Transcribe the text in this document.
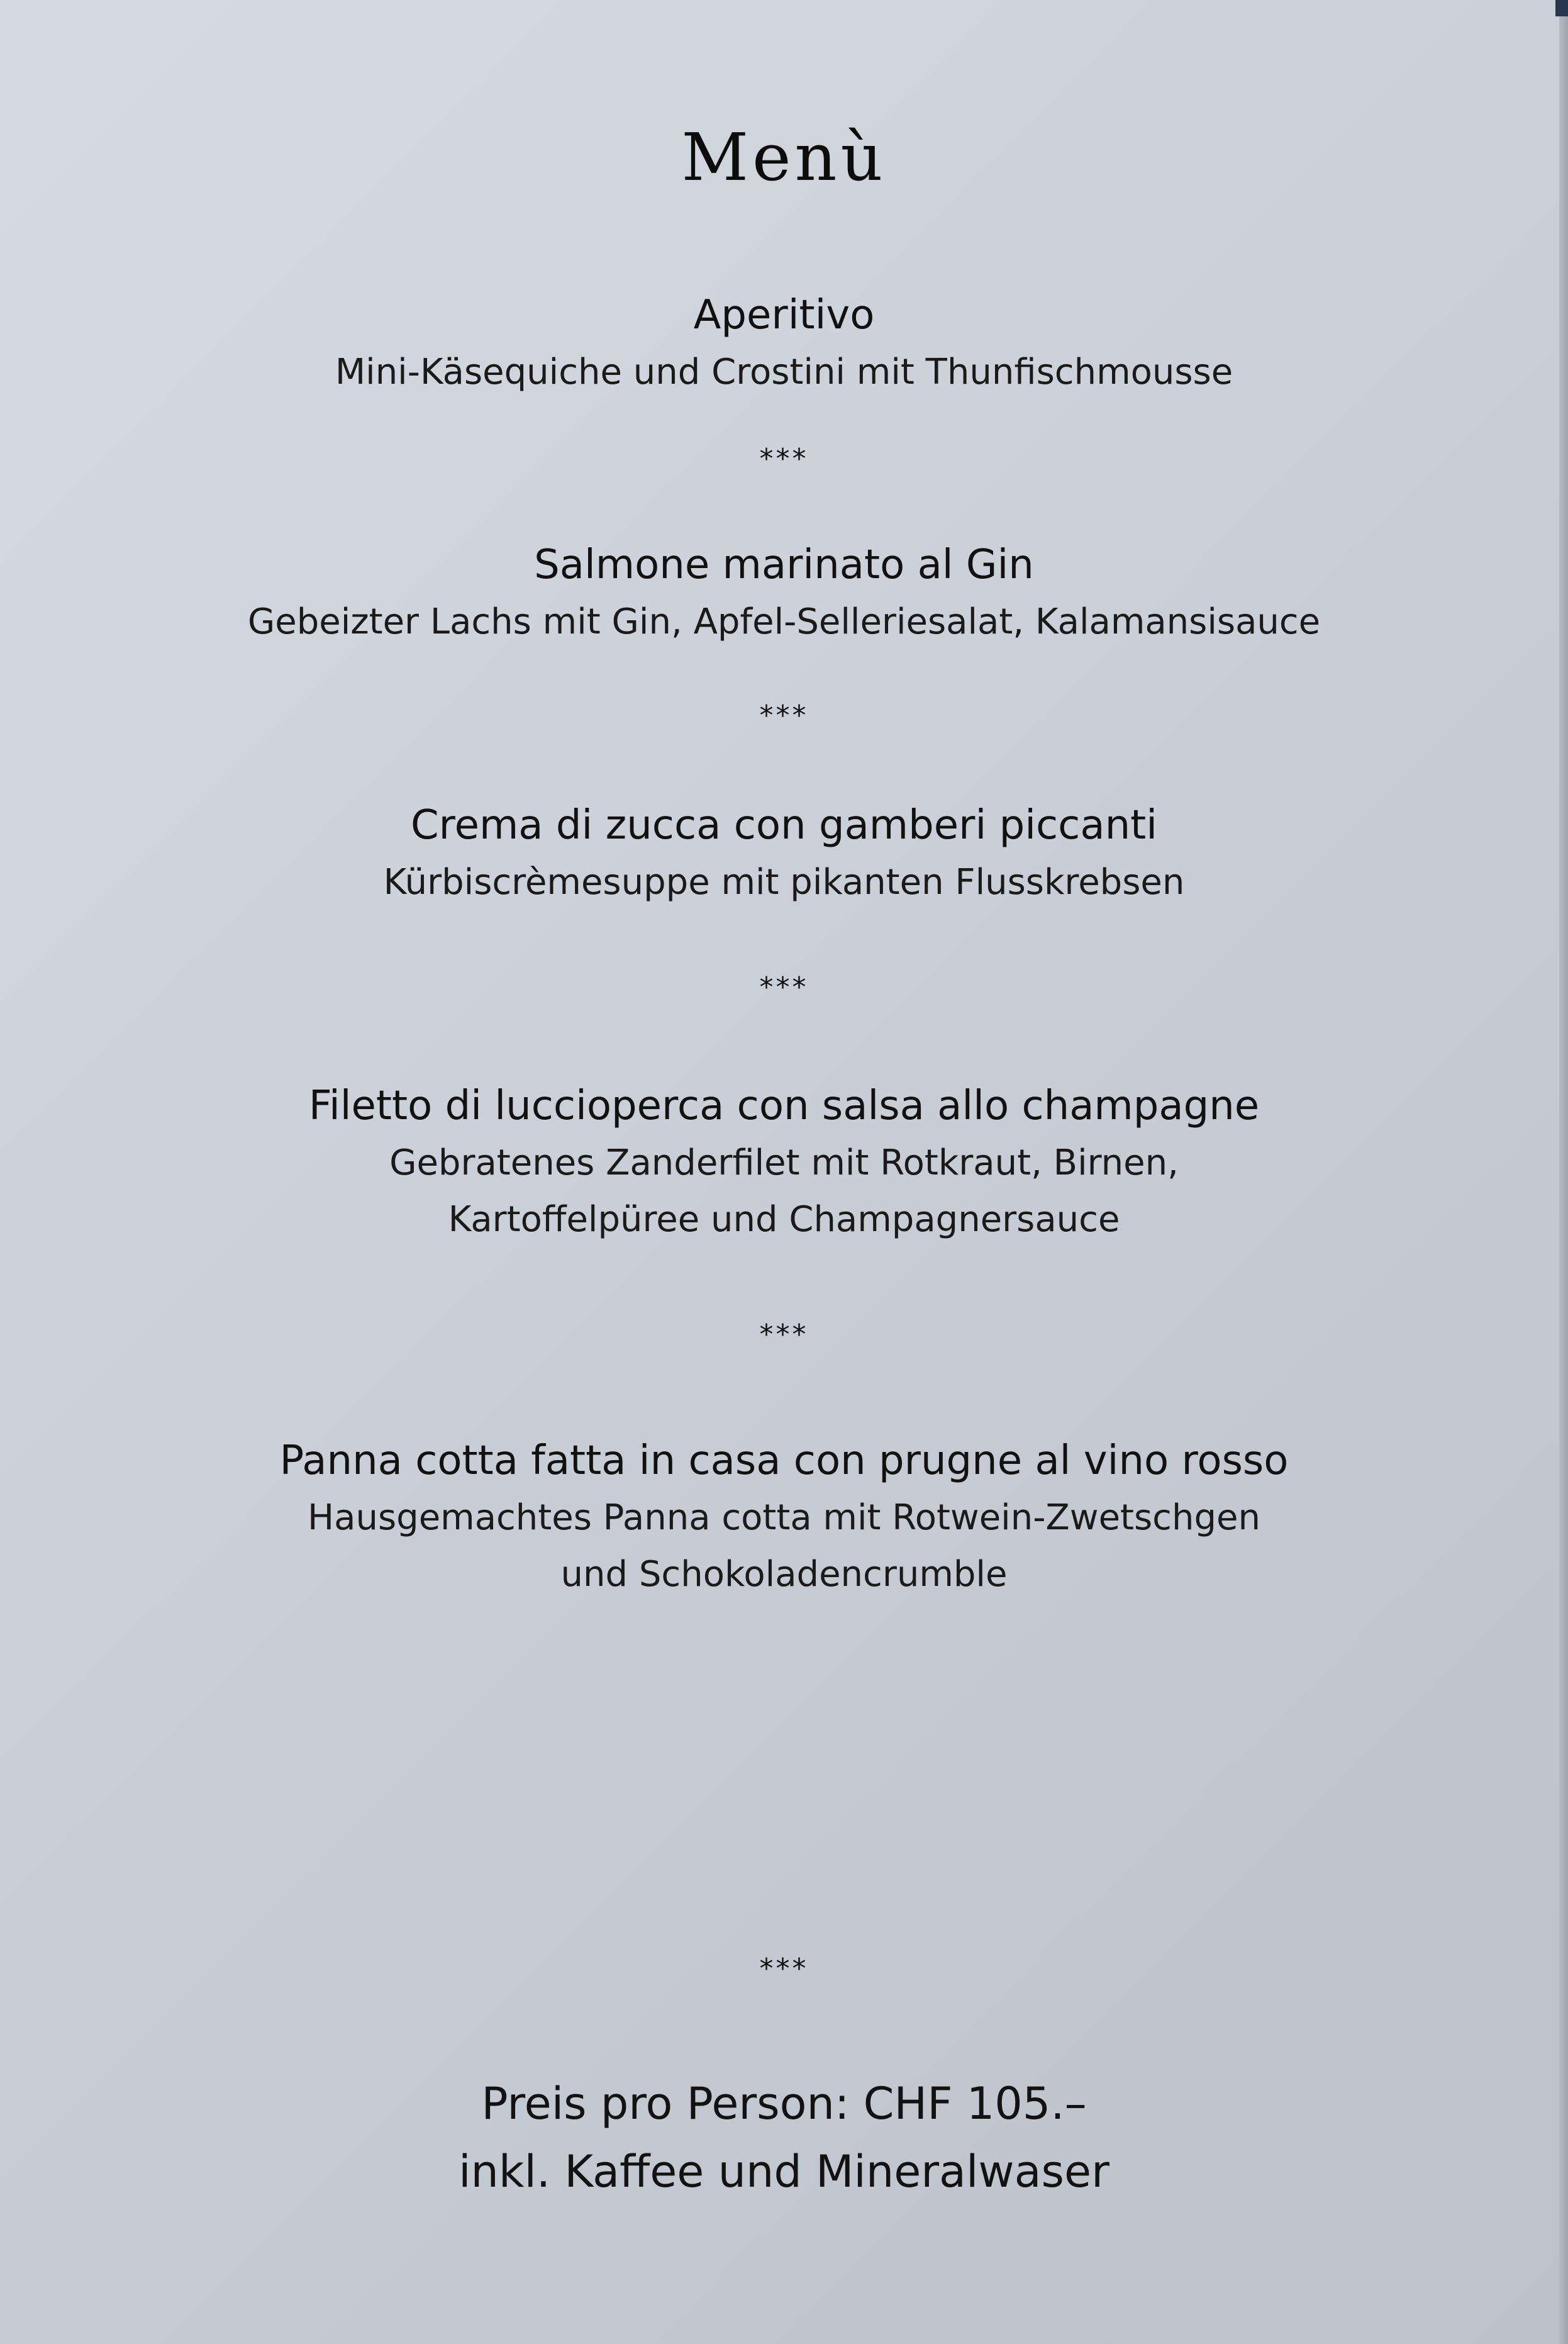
Menù
Aperitivo
Mini-Käsequiche und Crostini mit Thunfischmousse
***
Salmone marinato al Gin
Gebeizter Lachs mit Gin, Apfel-Selleriesalat, Kalamansisauce
***
Crema di zucca con gamberi piccanti
Kürbiscrèmesuppe mit pikanten Flusskrebsen
***
Filetto di luccioperca con salsa allo champagne
Gebratenes Zanderfilet mit Rotkraut, Birnen,
Kartoffelpüree und Champagnersauce
***
Panna cotta fatta in casa con prugne al vino rosso
Hausgemachtes Panna cotta mit Rotwein-Zwetschgen
und Schokoladencrumble
***
Preis pro Person: CHF 105.–
inkl. Kaffee und Mineralwaser
